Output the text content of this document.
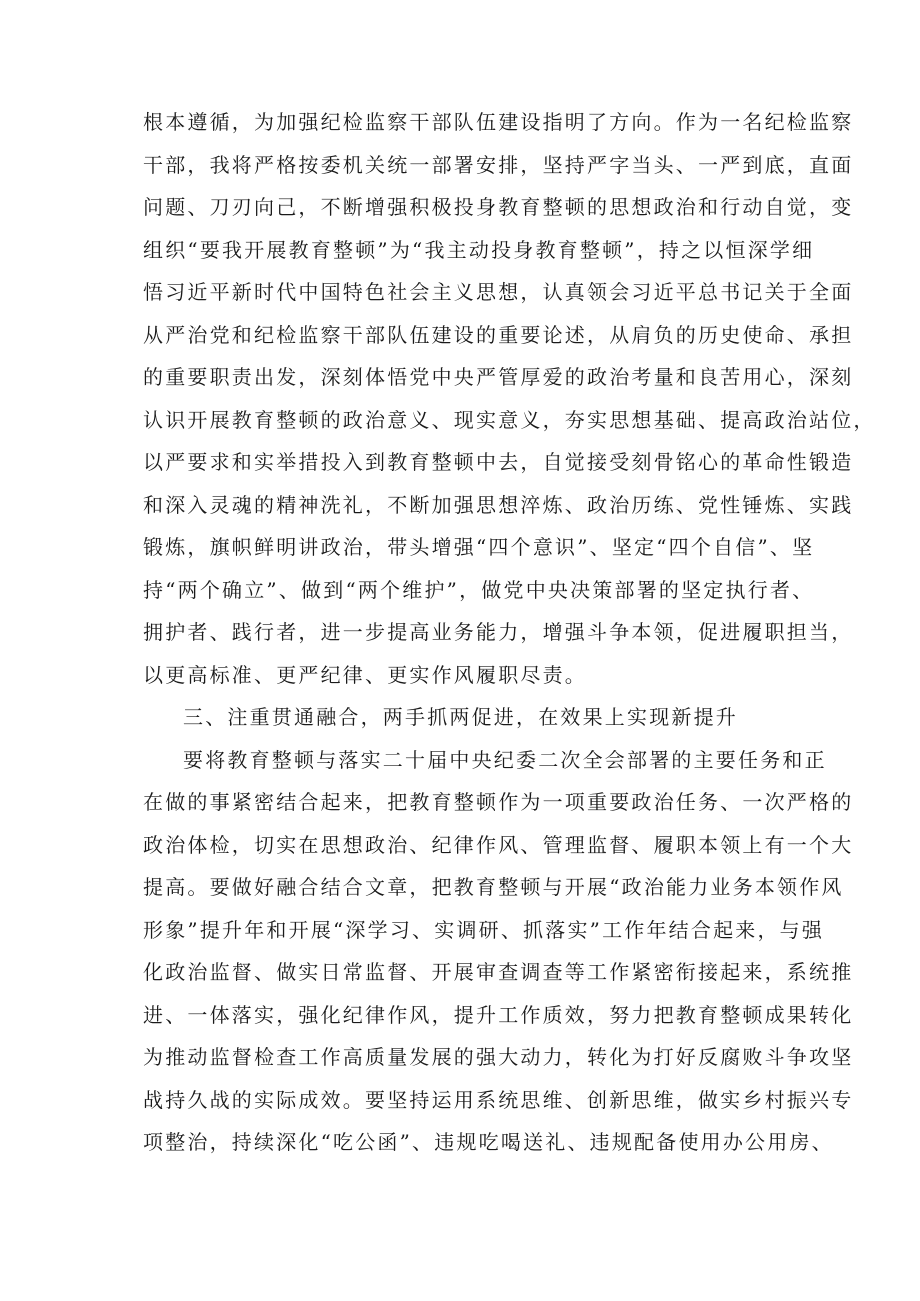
根本遵循，为加强纪检监察干部队伍建设指明了方向。作为一名纪检监察
干部，我将严格按委机关统一部署安排，坚持严字当头、一严到底，直面
问题、刀刃向己，不断增强积极投身教育整顿的思想政治和行动自觉，变
组织“要我开展教育整顿”为“我主动投身教育整顿”，持之以恒深学细
悟习近平新时代中国特色社会主义思想，认真领会习近平总书记关于全面
从严治党和纪检监察干部队伍建设的重要论述，从肩负的历史使命、承担
的重要职责出发，深刻体悟党中央严管厚爱的政治考量和良苦用心，深刻
认识开展教育整顿的政治意义、现实意义，夯实思想基础、提高政治站位，
以严要求和实举措投入到教育整顿中去，自觉接受刻骨铭心的革命性锻造
和深入灵魂的精神洗礼，不断加强思想淬炼、政治历练、党性锤炼、实践
锻炼，旗帜鲜明讲政治，带头增强“四个意识”、坚定“四个自信”、坚
持“两个确立”、做到“两个维护”，做党中央决策部署的坚定执行者、
拥护者、践行者，进一步提高业务能力，增强斗争本领，促进履职担当，
以更高标准、更严纪律、更实作风履职尽责。
三、注重贯通融合，两手抓两促进，在效果上实现新提升
要将教育整顿与落实二十届中央纪委二次全会部署的主要任务和正
在做的事紧密结合起来，把教育整顿作为一项重要政治任务、一次严格的
政治体检，切实在思想政治、纪律作风、管理监督、履职本领上有一个大
提高。要做好融合结合文章，把教育整顿与开展“政治能力业务本领作风
形象”提升年和开展“深学习、实调研、抓落实”工作年结合起来，与强
化政治监督、做实日常监督、开展审查调查等工作紧密衔接起来，系统推
进、一体落实，强化纪律作风，提升工作质效，努力把教育整顿成果转化
为推动监督检查工作高质量发展的强大动力，转化为打好反腐败斗争攻坚
战持久战的实际成效。要坚持运用系统思维、创新思维，做实乡村振兴专
项整治，持续深化“吃公函”、违规吃喝送礼、违规配备使用办公用房、
